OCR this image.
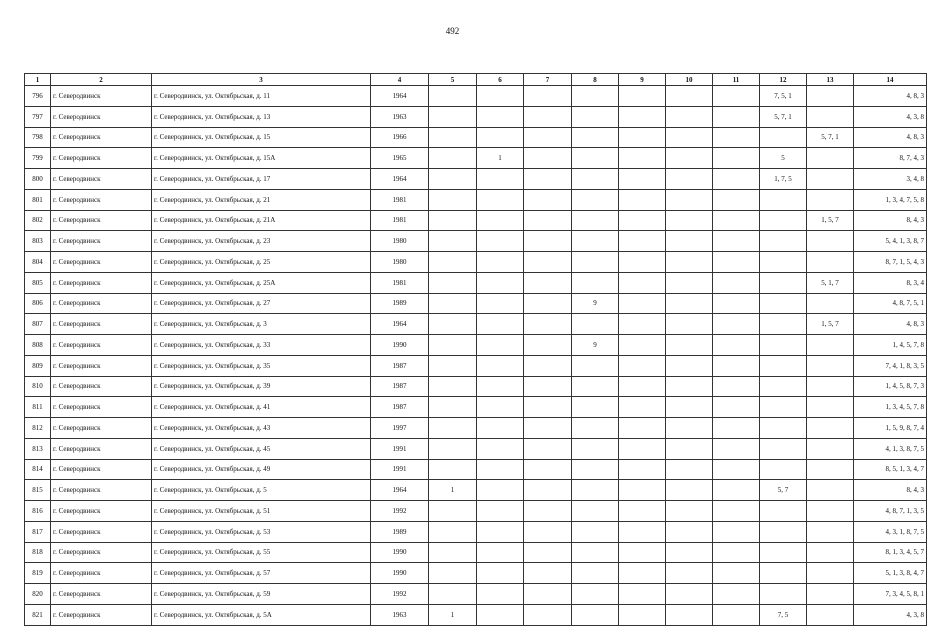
492
1	2	3	4	5	6	7	8	9	10	11	12	13	14
796	г. Северодвинск	г. Северодвинск, ул. Октябрьская, д. 11	1964								7, 5, 1		4, 8, 3
797	г. Северодвинск	г. Северодвинск, ул. Октябрьская, д. 13	1963								5, 7, 1		4, 3, 8
798	г. Северодвинск	г. Северодвинск, ул. Октябрьская, д. 15	1966									5, 7, 1	4, 8, 3
799	г. Северодвинск	г. Северодвинск, ул. Октябрьская, д. 15А	1965		1						5		8, 7, 4, 3
800	г. Северодвинск	г. Северодвинск, ул. Октябрьская, д. 17	1964								1, 7, 5		3, 4, 8
801	г. Северодвинск	г. Северодвинск, ул. Октябрьская, д. 21	1981										1, 3, 4, 7, 5, 8
802	г. Северодвинск	г. Северодвинск, ул. Октябрьская, д. 21А	1981									1, 5, 7	8, 4, 3
803	г. Северодвинск	г. Северодвинск, ул. Октябрьская, д. 23	1980										5, 4, 1, 3, 8, 7
804	г. Северодвинск	г. Северодвинск, ул. Октябрьская, д. 25	1980										8, 7, 1, 5, 4, 3
805	г. Северодвинск	г. Северодвинск, ул. Октябрьская, д. 25А	1981									5, 1, 7	8, 3, 4
806	г. Северодвинск	г. Северодвинск, ул. Октябрьская, д. 27	1989				9						4, 8, 7, 5, 1
807	г. Северодвинск	г. Северодвинск, ул. Октябрьская, д. 3	1964									1, 5, 7	4, 8, 3
808	г. Северодвинск	г. Северодвинск, ул. Октябрьская, д. 33	1990				9						1, 4, 5, 7, 8
809	г. Северодвинск	г. Северодвинск, ул. Октябрьская, д. 35	1987										7, 4, 1, 8, 3, 5
810	г. Северодвинск	г. Северодвинск, ул. Октябрьская, д. 39	1987										1, 4, 5, 8, 7, 3
811	г. Северодвинск	г. Северодвинск, ул. Октябрьская, д. 41	1987										1, 3, 4, 5, 7, 8
812	г. Северодвинск	г. Северодвинск, ул. Октябрьская, д. 43	1997										1, 5, 9, 8, 7, 4
813	г. Северодвинск	г. Северодвинск, ул. Октябрьская, д. 45	1991										4, 1, 3, 8, 7, 5
814	г. Северодвинск	г. Северодвинск, ул. Октябрьская, д. 49	1991										8, 5, 1, 3, 4, 7
815	г. Северодвинск	г. Северодвинск, ул. Октябрьская, д. 5	1964	1							5, 7		8, 4, 3
816	г. Северодвинск	г. Северодвинск, ул. Октябрьская, д. 51	1992										4, 8, 7, 1, 3, 5
817	г. Северодвинск	г. Северодвинск, ул. Октябрьская, д. 53	1989										4, 3, 1, 8, 7, 5
818	г. Северодвинск	г. Северодвинск, ул. Октябрьская, д. 55	1990										8, 1, 3, 4, 5, 7
819	г. Северодвинск	г. Северодвинск, ул. Октябрьская, д. 57	1990										5, 1, 3, 8, 4, 7
820	г. Северодвинск	г. Северодвинск, ул. Октябрьская, д. 59	1992										7, 3, 4, 5, 8, 1
821	г. Северодвинск	г. Северодвинск, ул. Октябрьская, д. 5А	1963	1							7, 5		4, 3, 8
